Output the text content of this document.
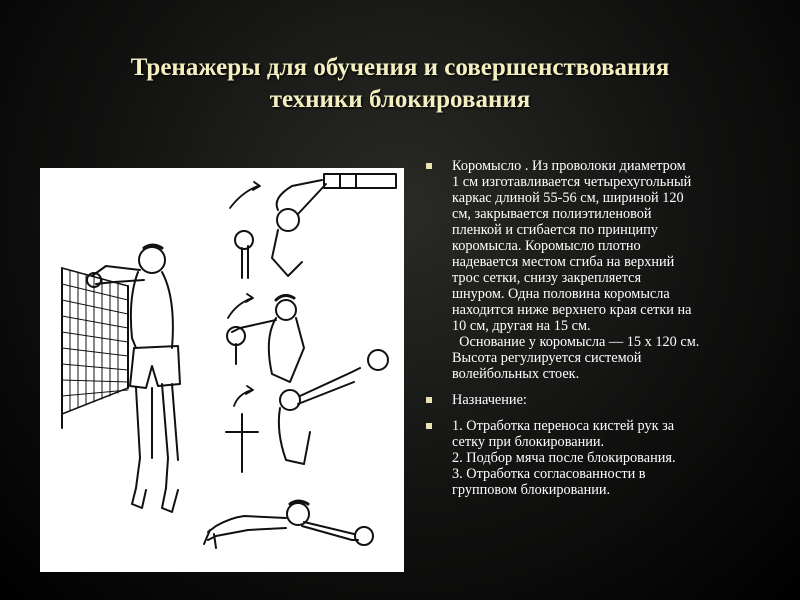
Тренажеры для обучения и совершенствования
техники блокирования
Коромысло . Из проволоки диаметром
1 см изготавливается четырехугольный
каркас длиной 55-56 см, шириной 120
см, закрывается полиэтиленовой
пленкой и сгибается по принципу
коромысла. Коромысло плотно
надевается местом сгиба на верхний
трос сетки, снизу закрепляется
шнуром. Одна половина коромысла
находится ниже верхнего края сетки на
10 см, другая на 15 см.
Основание у коромысла — 15 х 120 см.
Высота регулируется системой
волейбольных стоек.
Назначение:
1. Отработка переноса кистей рук за
сетку при блокировании.
2. Подбор мяча после блокирования.
3. Отработка согласованности в
групповом блокировании.
